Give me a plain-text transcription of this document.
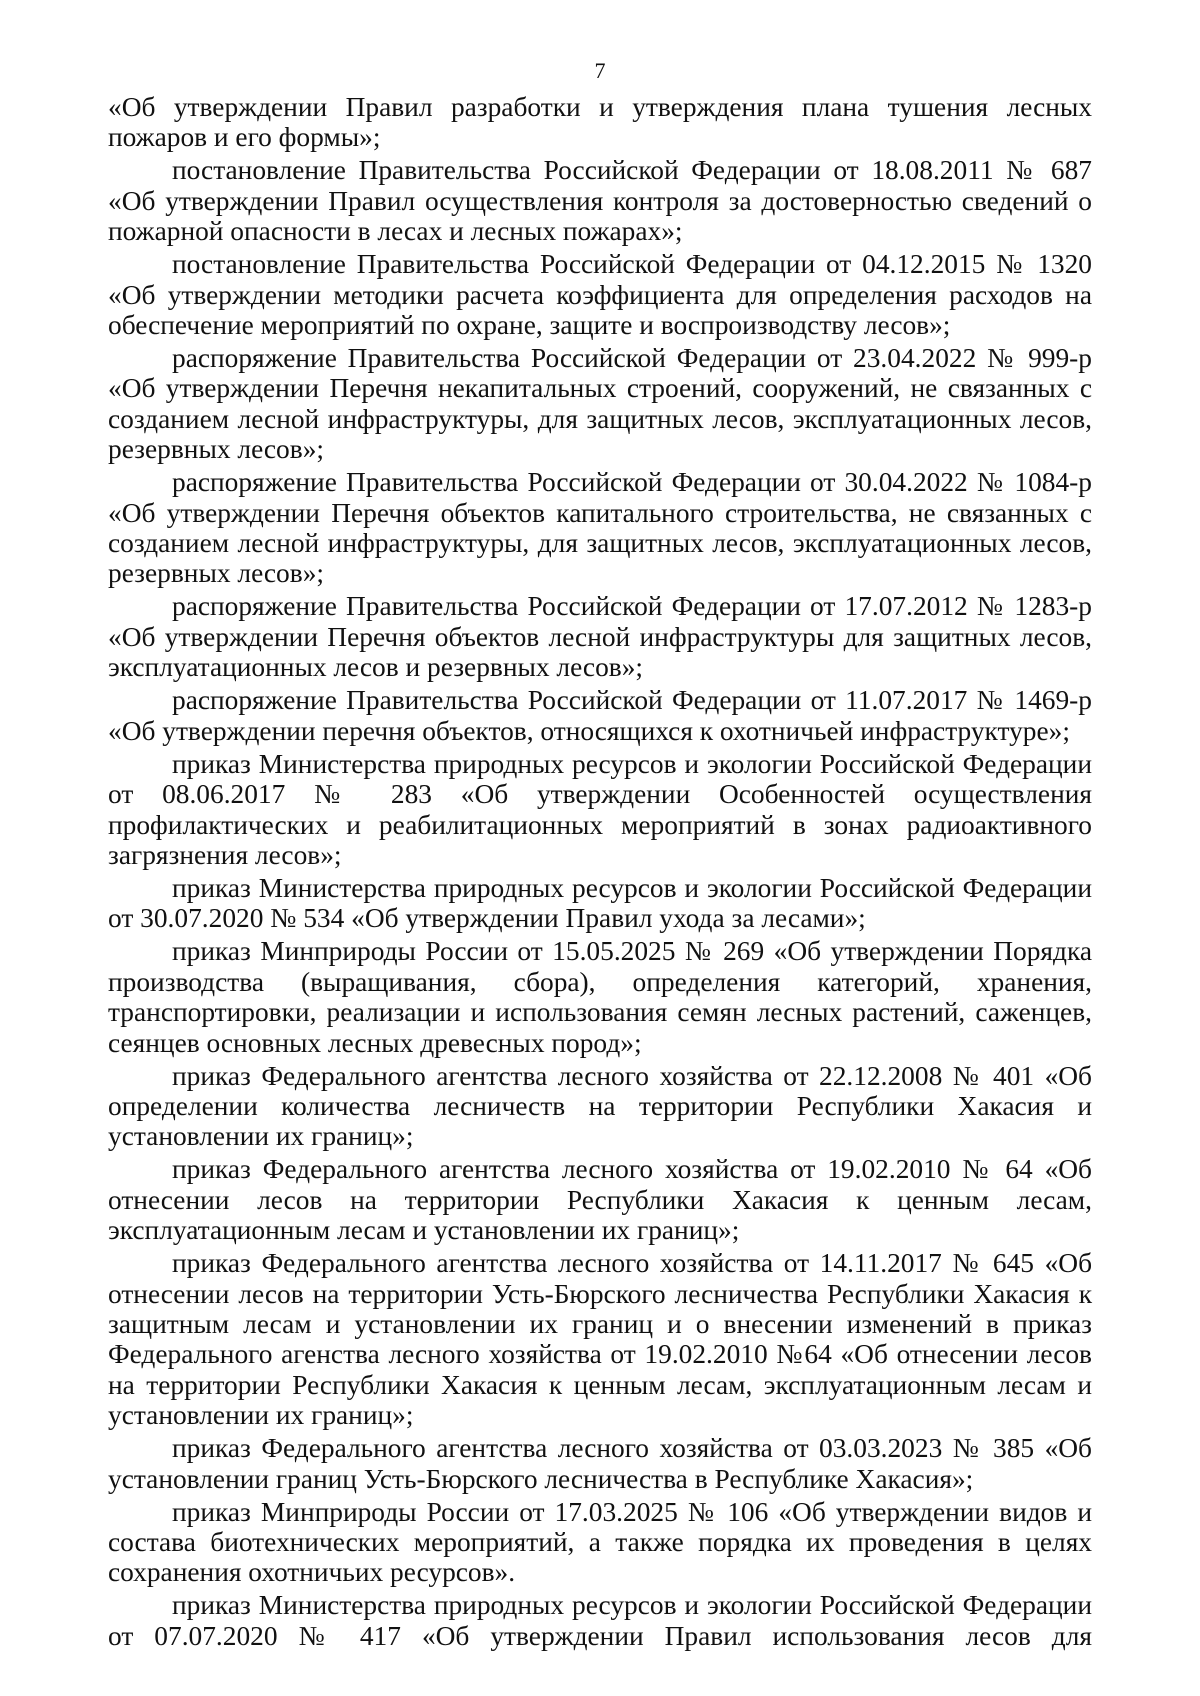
7

«Об утверждении Правил разработки и утверждения плана тушения лесных пожаров и его формы»;

постановление Правительства Российской Федерации от 18.08.2011 № 687 «Об утверждении Правил осуществления контроля за достоверностью сведений о пожарной опасности в лесах и лесных пожарах»;

постановление Правительства Российской Федерации от 04.12.2015 № 1320 «Об утверждении методики расчета коэффициента для определения расходов на обеспечение мероприятий по охране, защите и воспроизводству лесов»;

распоряжение Правительства Российской Федерации от 23.04.2022 № 999-р «Об утверждении Перечня некапитальных строений, сооружений, не связанных с созданием лесной инфраструктуры, для защитных лесов, эксплуатационных лесов, резервных лесов»;

распоряжение Правительства Российской Федерации от 30.04.2022 № 1084-р «Об утверждении Перечня объектов капитального строительства, не связанных с созданием лесной инфраструктуры, для защитных лесов, эксплуатационных лесов, резервных лесов»;

распоряжение Правительства Российской Федерации от 17.07.2012 № 1283-р «Об утверждении Перечня объектов лесной инфраструктуры для защитных лесов, эксплуатационных лесов и резервных лесов»;

распоряжение Правительства Российской Федерации от 11.07.2017 № 1469-р «Об утверждении перечня объектов, относящихся к охотничьей инфраструктуре»;

приказ Министерства природных ресурсов и экологии Российской Федерации от 08.06.2017 № 283 «Об утверждении Особенностей осуществления профилактических и реабилитационных мероприятий в зонах радиоактивного загрязнения лесов»;

приказ Министерства природных ресурсов и экологии Российской Федерации от 30.07.2020 № 534 «Об утверждении Правил ухода за лесами»;

приказ Минприроды России от 15.05.2025 № 269 «Об утверждении Порядка производства (выращивания, сбора), определения категорий, хранения, транспортировки, реализации и использования семян лесных растений, саженцев, сеянцев основных лесных древесных пород»;

приказ Федерального агентства лесного хозяйства от 22.12.2008 № 401 «Об определении количества лесничеств на территории Республики Хакасия и установлении их границ»;

приказ Федерального агентства лесного хозяйства от 19.02.2010 № 64 «Об отнесении лесов на территории Республики Хакасия к ценным лесам, эксплуатационным лесам и установлении их границ»;

приказ Федерального агентства лесного хозяйства от 14.11.2017 № 645 «Об отнесении лесов на территории Усть-Бюрского лесничества Республики Хакасия к защитным лесам и установлении их границ и о внесении изменений в приказ Федерального агенства лесного хозяйства от 19.02.2010 №64 «Об отнесении лесов на территории Республики Хакасия к ценным лесам, эксплуатационным лесам и установлении их границ»;

приказ Федерального агентства лесного хозяйства от 03.03.2023 № 385 «Об установлении границ Усть-Бюрского лесничества в Республике Хакасия»;

приказ Минприроды России от 17.03.2025 № 106 «Об утверждении видов и состава биотехнических мероприятий, а также порядка их проведения в целях сохранения охотничьих ресурсов».

приказ Министерства природных ресурсов и экологии Российской Федерации от 07.07.2020 № 417 «Об утверждении Правил использования лесов для
